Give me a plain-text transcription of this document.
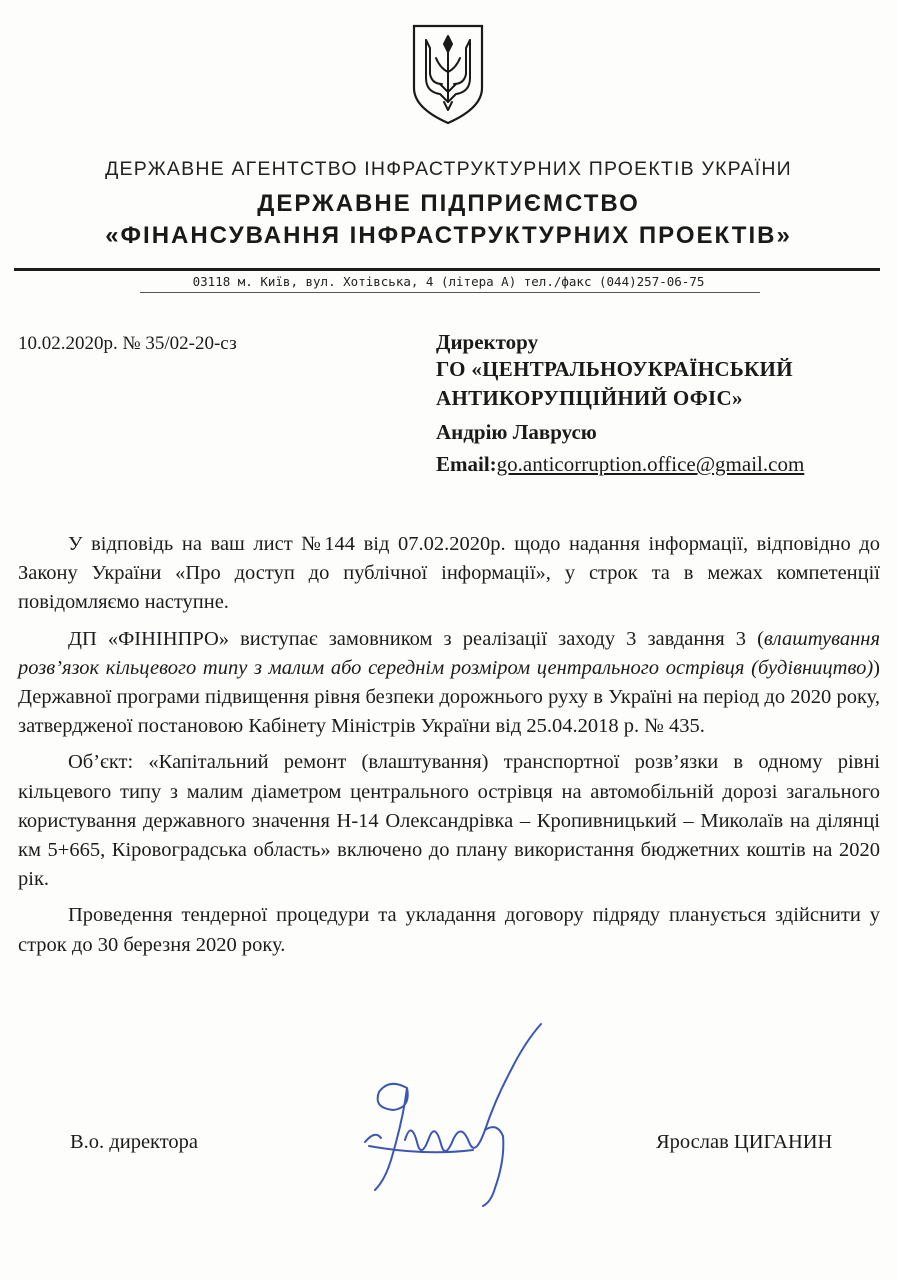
ДЕРЖАВНЕ АГЕНТСТВО ІНФРАСТРУКТУРНИХ ПРОЕКТІВ УКРАЇНИ
ДЕРЖАВНЕ ПІДПРИЄМСТВО
«ФІНАНСУВАННЯ ІНФРАСТРУКТУРНИХ ПРОЕКТІВ»
03118 м. Київ, вул. Хотівська, 4 (літера А) тел./факс (044)257-06-75
10.02.2020р. № 35/02-20-сз	Директору
ГО «ЦЕНТРАЛЬНОУКРАЇНСЬКИЙ
АНТИКОРУПЦІЙНИЙ ОФІС»
Андрію Лаврусю
Email:go.anticorruption.office@gmail.com

У відповідь на ваш лист №144 від 07.02.2020р. щодо надання інформації, відповідно до Закону України «Про доступ до публічної інформації», у строк та в межах компетенції повідомляємо наступне.

ДП «ФІНІНПРО» виступає замовником з реалізації заходу 3 завдання 3 (влаштування розв’язок кільцевого типу з малим або середнім розміром центрального острівця (будівництво)) Державної програми підвищення рівня безпеки дорожнього руху в Україні на період до 2020 року, затвердженої постановою Кабінету Міністрів України від 25.04.2018 р. № 435.

Об’єкт: «Капітальний ремонт (влаштування) транспортної розв’язки в одному рівні кільцевого типу з малим діаметром центрального острівця на автомобільній дорозі загального користування державного значення Н-14 Олександрівка – Кропивницький – Миколаїв на ділянці км 5+665, Кіровоградська область» включено до плану використання бюджетних коштів на 2020 рік.

Проведення тендерної процедури та укладання договору підряду планується здійснити у строк до 30 березня 2020 року.

В.о. директора	Ярослав ЦИГАНИН
